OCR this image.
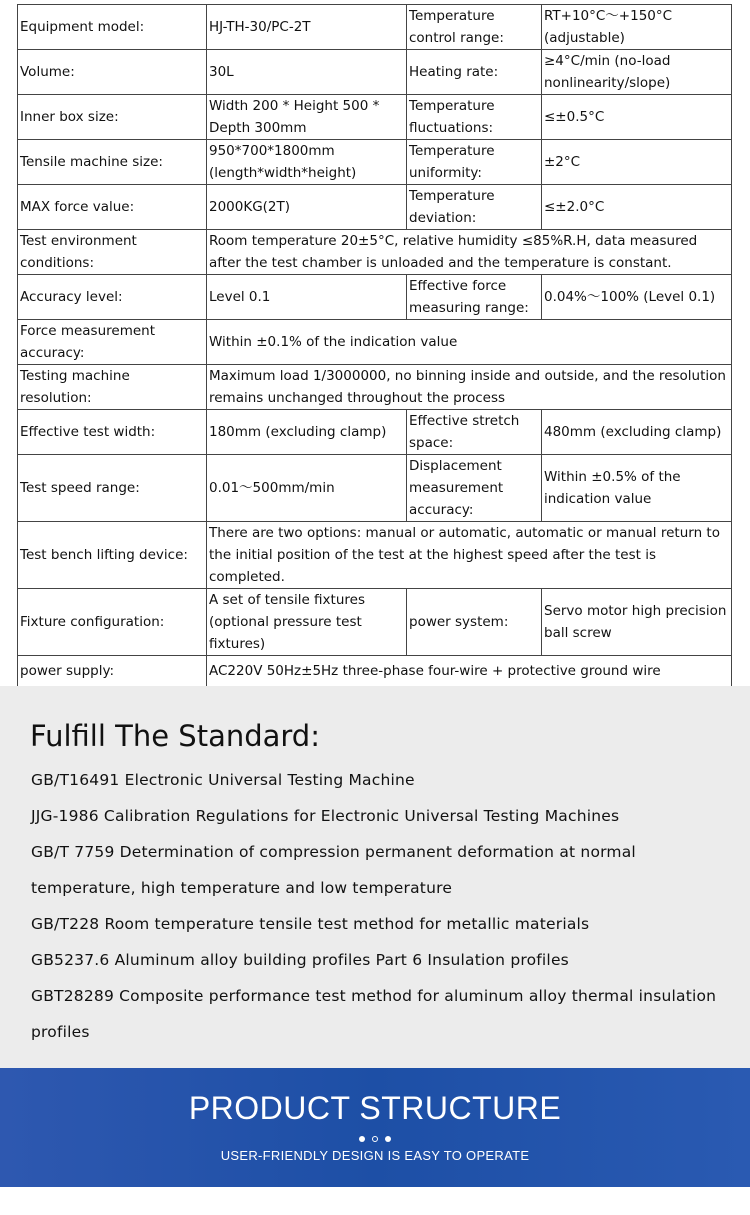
Equipment model:	HJ-TH-30/PC-2T	Temperature control range:	RT+10°C～+150°C (adjustable)
Volume:	30L	Heating rate:	≥4°C/min (no-load nonlinearity/slope)
Inner box size:	Width 200 * Height 500 * Depth 300mm	Temperature fluctuations:	≤±0.5°C
Tensile machine size:	950*700*1800mm (length*width*height)	Temperature uniformity:	±2°C
MAX force value:	2000KG(2T)	Temperature deviation:	≤±2.0°C
Test environment conditions:	Room temperature 20±5°C, relative humidity ≤85%R.H, data measured after the test chamber is unloaded and the temperature is constant.		
Accuracy level:	Level 0.1	Effective force measuring range:	0.04%～100% (Level 0.1)
Force measurement accuracy:	Within ±0.1% of the indication value		
Testing machine resolution:	Maximum load 1/3000000, no binning inside and outside, and the resolution remains unchanged throughout the process		
Effective test width:	180mm (excluding clamp)	Effective stretch space:	480mm (excluding clamp)
Test speed range:	0.01～500mm/min	Displacement measurement accuracy:	Within ±0.5% of the indication value
Test bench lifting device:	There are two options: manual or automatic, automatic or manual return to the initial position of the test at the highest speed after the test is completed.		
Fixture configuration:	A set of tensile fixtures (optional pressure test fixtures)	power system:	Servo motor high precision ball screw
power supply:	AC220V 50Hz±5Hz three-phase four-wire + protective ground wire		
Fulfill The Standard:
GB/T16491 Electronic Universal Testing Machine
JJG-1986 Calibration Regulations for Electronic Universal Testing Machines
GB/T 7759 Determination of compression permanent deformation at normal temperature, high temperature and low temperature
GB/T228 Room temperature tensile test method for metallic materials
GB5237.6 Aluminum alloy building profiles Part 6 Insulation profiles
GBT28289 Composite performance test method for aluminum alloy thermal insulation profiles
PRODUCT STRUCTURE
USER-FRIENDLY DESIGN IS EASY TO OPERATE
